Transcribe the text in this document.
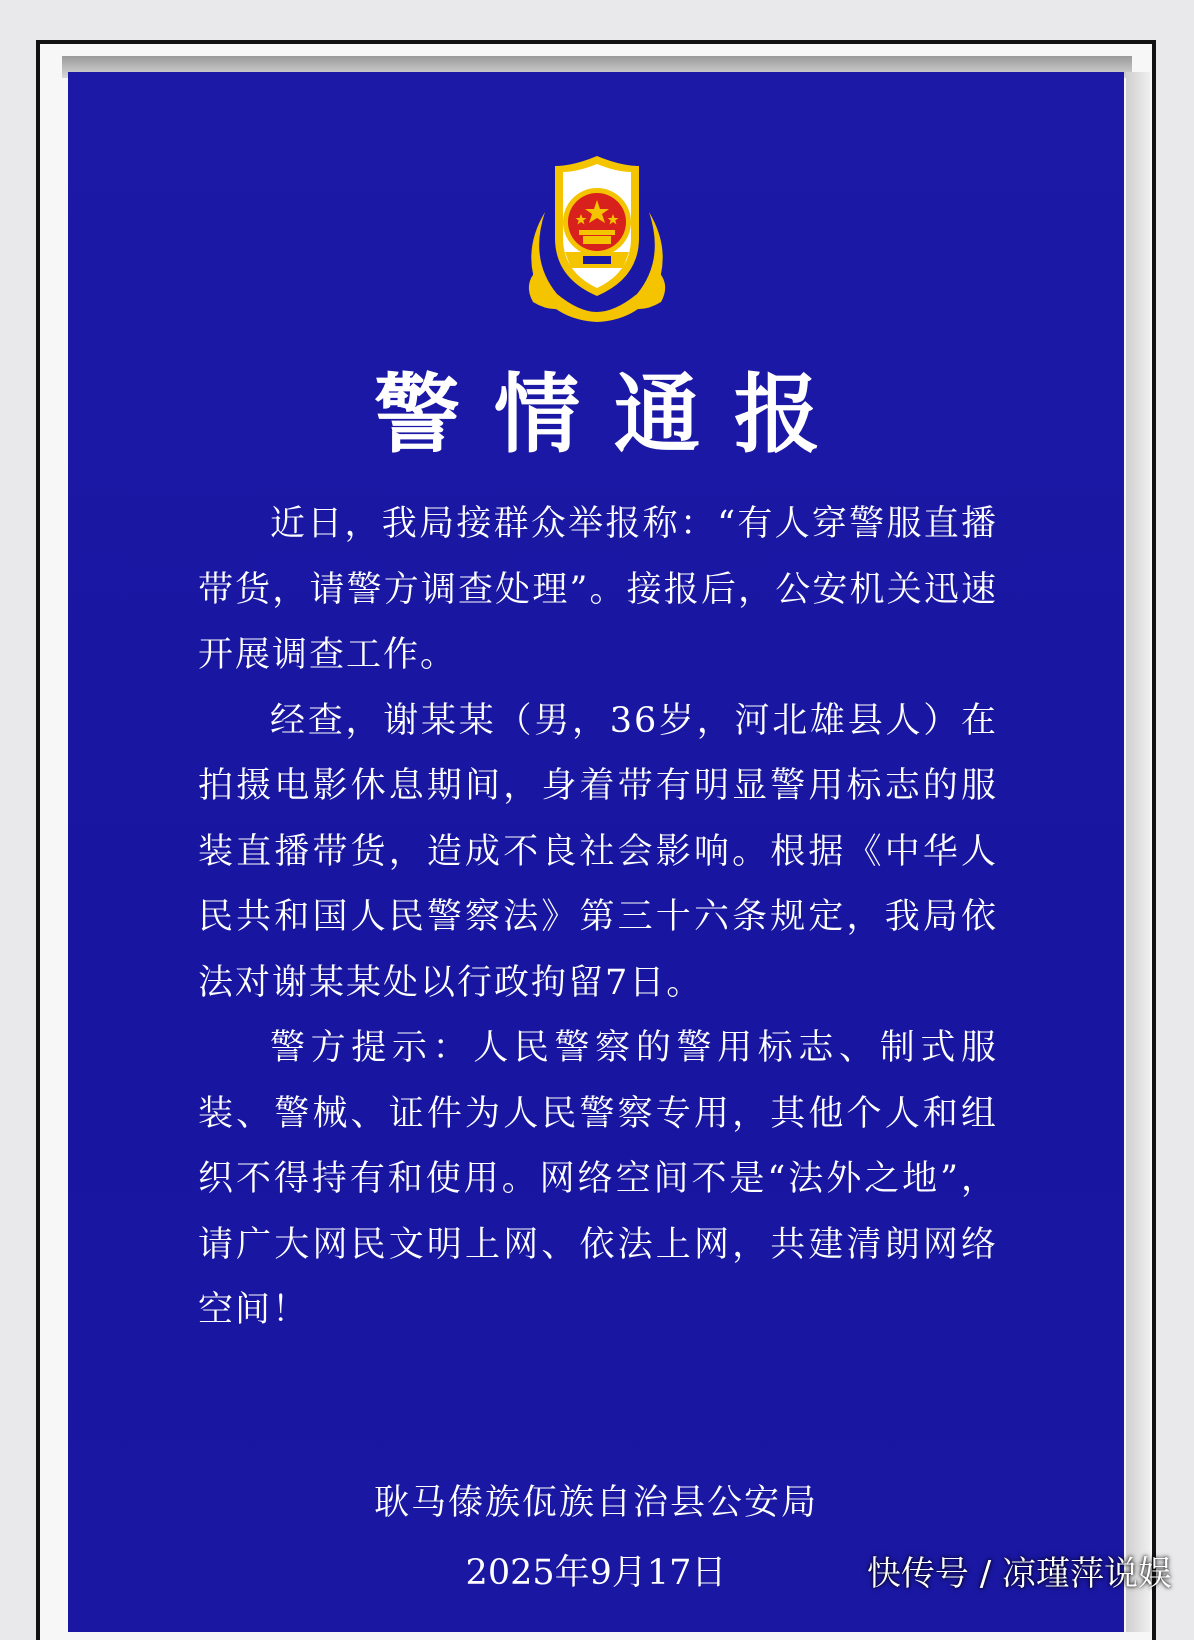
警情通报

近日，我局接群众举报称：“有人穿警服直播带货，请警方调查处理”。接报后，公安机关迅速开展调查工作。

经查，谢某某（男，36岁，河北雄县人）在拍摄电影休息期间，身着带有明显警用标志的服装直播带货，造成不良社会影响。根据《中华人民共和国人民警察法》第三十六条规定，我局依法对谢某某处以行政拘留7日。

警方提示：人民警察的警用标志、制式服装、警械、证件为人民警察专用，其他个人和组织不得持有和使用。网络空间不是“法外之地”，请广大网民文明上网、依法上网，共建清朗网络空间！

耿马傣族佤族自治县公安局
2025年9月17日	快传号 / 凉瑾萍说娱
